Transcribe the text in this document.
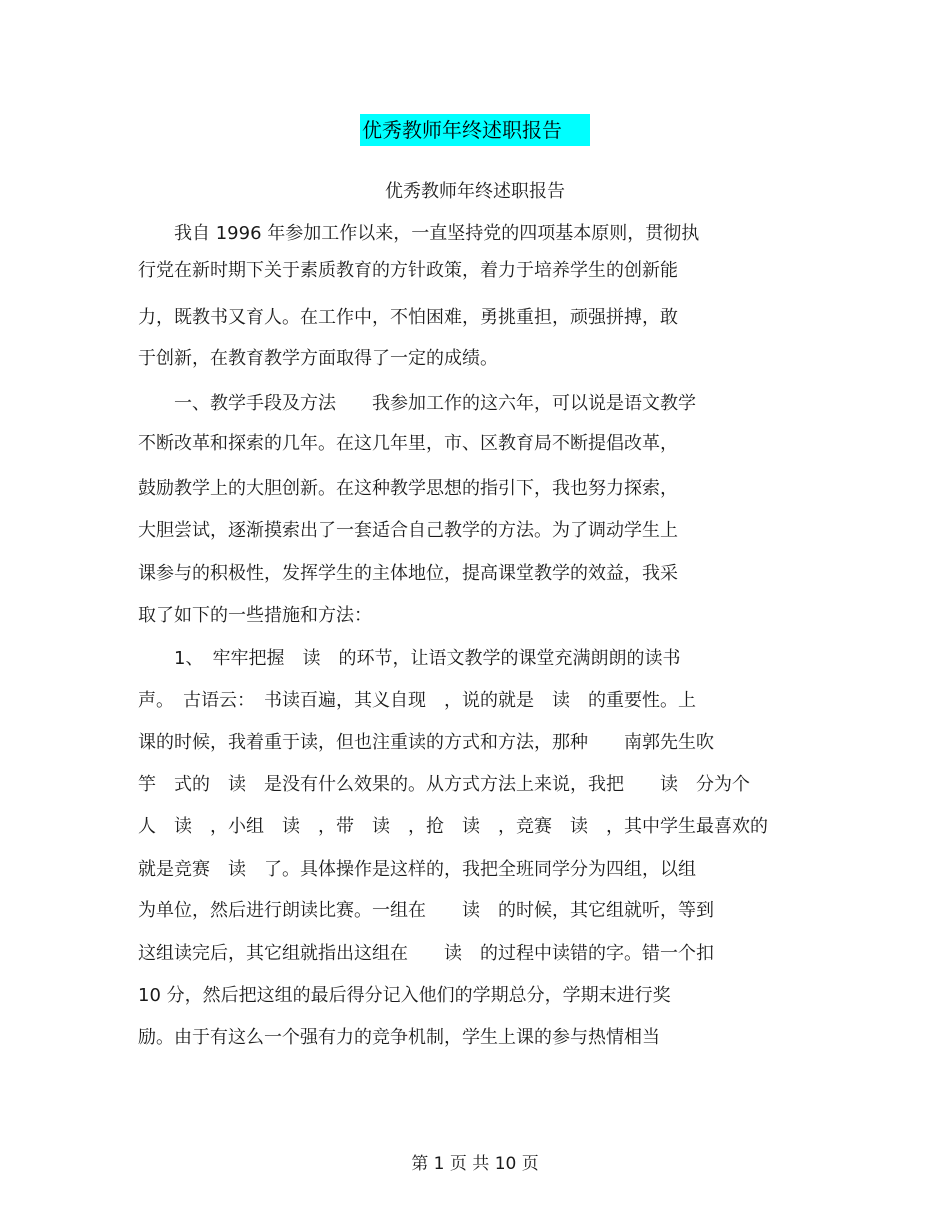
优秀教师年终述职报告
优秀教师年终述职报告
　　我自 1996 年参加工作以来，一直坚持党的四项基本原则，贯彻执
行党在新时期下关于素质教育的方针政策，着力于培养学生的创新能
力，既教书又育人。在工作中，不怕困难，勇挑重担，顽强拼搏，敢
于创新，在教育教学方面取得了一定的成绩。
　　一、教学手段及方法　　我参加工作的这六年，可以说是语文教学
不断改革和探索的几年。在这几年里，市、区教育局不断提倡改革，
鼓励教学上的大胆创新。在这种教学思想的指引下，我也努力探索，
大胆尝试，逐渐摸索出了一套适合自己教学的方法。为了调动学生上
课参与的积极性，发挥学生的主体地位，提高课堂教学的效益，我采
取了如下的一些措施和方法：
　　1、　牢牢把握　读　的环节，让语文教学的课堂充满朗朗的读书
声。　古语云：　书读百遍，其义自现　，说的就是　读　的重要性。上
课的时候，我着重于读，但也注重读的方式和方法，那种　　南郭先生吹
竽　式的　读　是没有什么效果的。从方式方法上来说，我把　　读　分为个
人　读　，小组　读　，带　读　，抢　读　，竞赛　读　，其中学生最喜欢的
就是竞赛　读　了。具体操作是这样的，我把全班同学分为四组，以组
为单位，然后进行朗读比赛。一组在　　读　的时候，其它组就听，等到
这组读完后，其它组就指出这组在　　读　的过程中读错的字。错一个扣
10 分，然后把这组的最后得分记入他们的学期总分，学期末进行奖
励。由于有这么一个强有力的竞争机制，学生上课的参与热情相当
第 1 页 共 10 页
